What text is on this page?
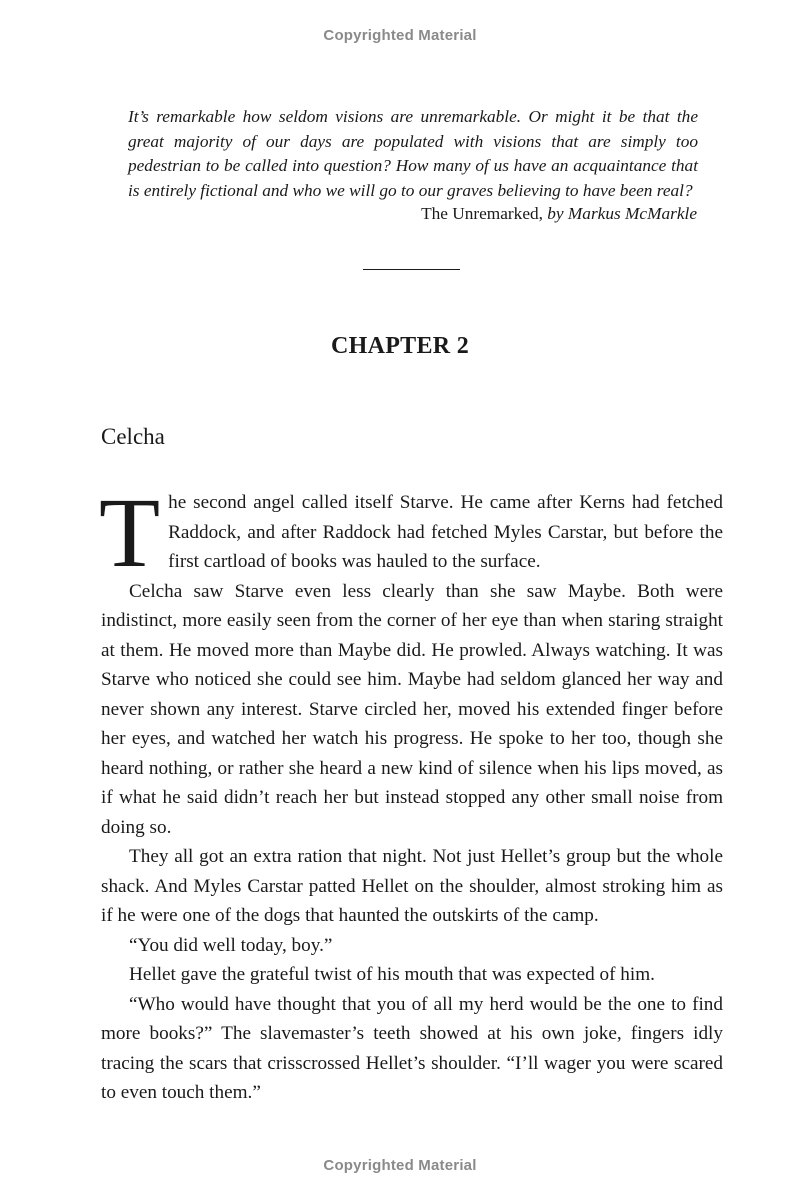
Copyrighted Material

It’s remarkable how seldom visions are unremarkable. Or might it be that the great majority of our days are populated with visions that are simply too pedestrian to be called into question? How many of us have an acquaintance that is entirely fictional and who we will go to our graves believing to have been real?

The Unremarked, by Markus McMarkle
CHAPTER 2
Celcha

The second angel called itself Starve. He came after Kerns had fetched Raddock, and after Raddock had fetched Myles Carstar, but before the first cartload of books was hauled to the surface.

Celcha saw Starve even less clearly than she saw Maybe. Both were indistinct, more easily seen from the corner of her eye than when staring straight at them. He moved more than Maybe did. He prowled. Always watching. It was Starve who noticed she could see him. Maybe had seldom glanced her way and never shown any interest. Starve circled her, moved his extended finger before her eyes, and watched her watch his progress. He spoke to her too, though she heard nothing, or rather she heard a new kind of silence when his lips moved, as if what he said didn’t reach her but instead stopped any other small noise from doing so.

They all got an extra ration that night. Not just Hellet’s group but the whole shack. And Myles Carstar patted Hellet on the shoulder, almost stroking him as if he were one of the dogs that haunted the outskirts of the camp.

“You did well today, boy.”

Hellet gave the grateful twist of his mouth that was expected of him.

“Who would have thought that you of all my herd would be the one to find more books?” The slavemaster’s teeth showed at his own joke, fingers idly tracing the scars that crisscrossed Hellet’s shoulder. “I’ll wager you were scared to even touch them.”

Copyrighted Material
